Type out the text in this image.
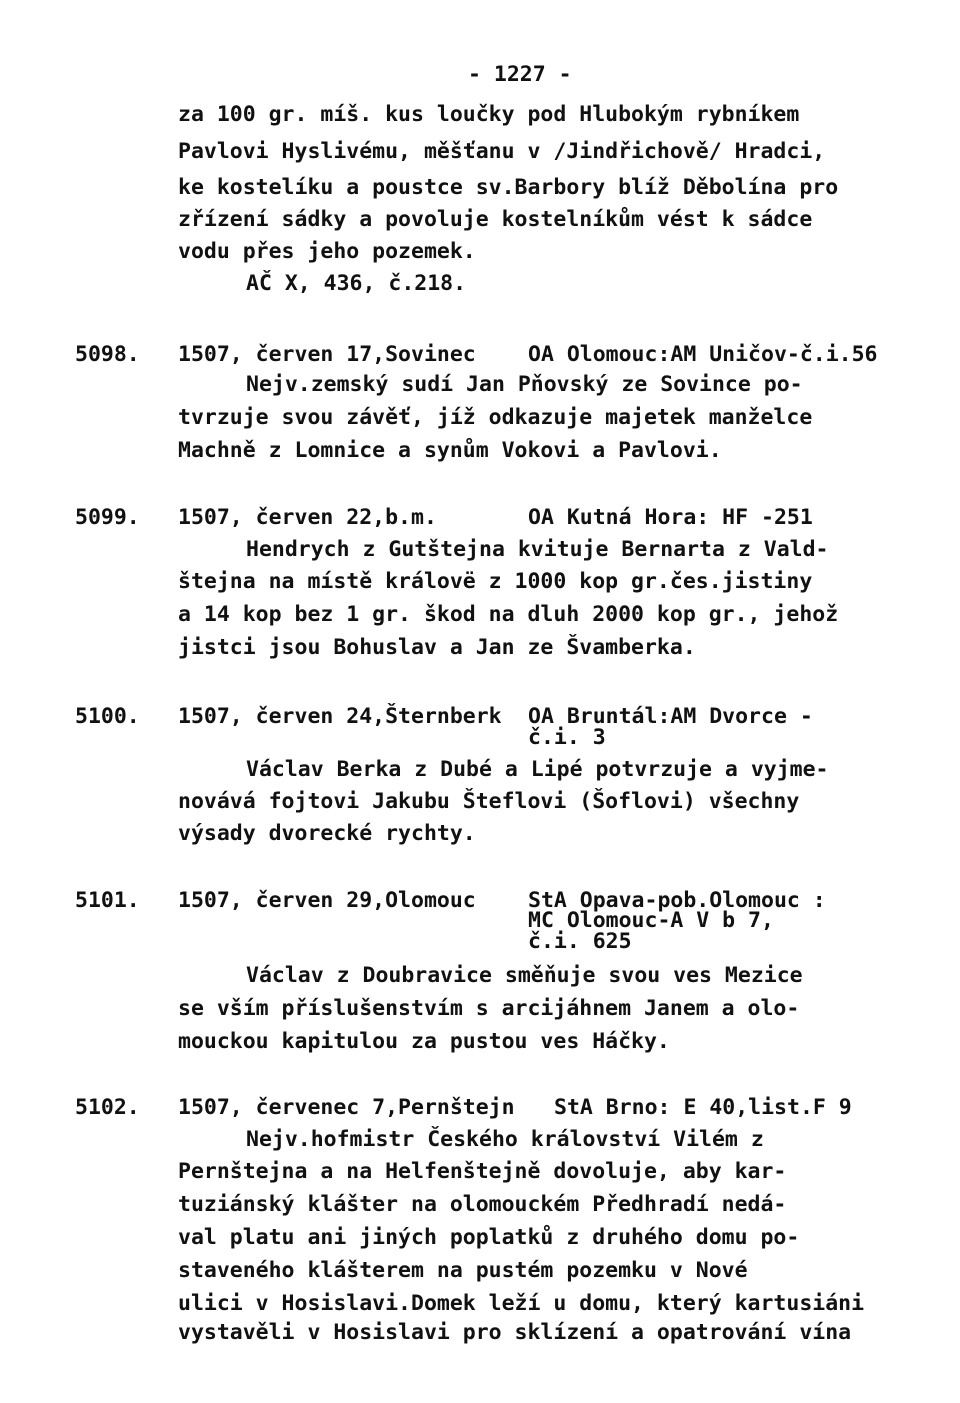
- 1227 -
za 100 gr. míš. kus loučky pod Hlubokým rybníkem
Pavlovi Hyslivému, měšťanu v /Jindřichově/ Hradci,
ke kostelíku a poustce sv.Barbory blíž Děbolína pro
zřízení sádky a povoluje kostelníkům vést k sádce
vodu přes jeho pozemek.
AČ X, 436, č.218.
5098. 1507, červen 17,Sovinec OA Olomouc:AM Uničov-č.i.56
Nejv.zemský sudí Jan Pňovský ze Sovince po-
tvrzuje svou závěť, jíž odkazuje majetek manželce
Machně z Lomnice a synům Vokovi a Pavlovi.
5099. 1507, červen 22,b.m.	OA Kutná Hora: HF -251
Hendrych z Gutštejna kvituje Bernarta z Vald-
štejna na místě královë z 1000 kop gr.čes.jistiny
a 14 kop bez 1 gr. škod na dluh 2000 kop gr., jehož
jistci jsou Bohuslav a Jan ze Švamberka.
5100. 1507, červen 24,Šternberk OA Bruntál:AM Dvorce -
č.i. 3
Václav Berka z Dubé a Lipé potvrzuje a vyjme-
novává fojtovi Jakubu Šteflovi (Šoflovi) všechny
výsady dvorecké rychty.
5101. 1507, červen 29,Olomouc StA Opava-pob.Olomouc :
MC Olomouc-A V b 7,
č.i. 625
Václav z Doubravice směňuje svou ves Mezice
se vším příslušenstvím s arcijáhnem Janem a olo-
mouckou kapitulou za pustou ves Háčky.
5102. 1507, červenec 7,Pernštejn StA Brno: E 40,list.F 9
Nejv.hofmistr Českého království Vilém z
Pernštejna a na Helfenštejně dovoluje, aby kar-
tuziánský klášter na olomouckém Předhradí nedá-
val platu ani jiných poplatků z druhého domu po-
staveného klášterem na pustém pozemku v Nové
ulici v Hosislavi.Domek leží u domu, který kartusiáni
vystavěli v Hosislavi pro sklízení a opatrování vína
